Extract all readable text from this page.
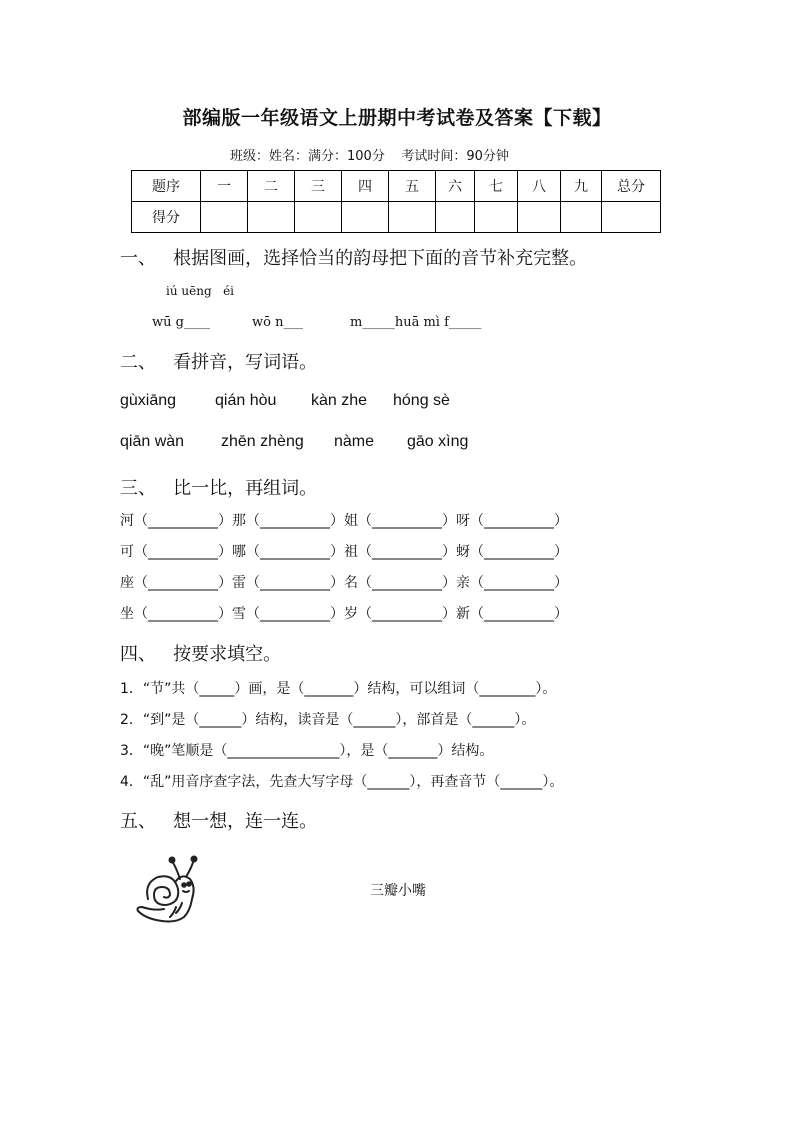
部编版一年级语文上册期中考试卷及答案【下载】
班级：姓名：满分：100分    考试时间：90分钟
题序	一	二	三	四	五	六	七	八	九	总分
得分										
一、   根据图画，选择恰当的韵母把下面的音节补充完整。
iú uēng   éi
wū g____	wō n___	m_____huā mì f_____
二、   看拼音，写词语。
gùxiāng qián hòu kàn zhe hóng sè
qiān wàn zhēn zhèng nàme gāo xìng
三、   比一比，再组词。
河（__________）那（__________）姐（__________）呀（__________）
可（__________）哪（__________）祖（__________）蚜（__________）
座（__________）雷（__________）名（__________）亲（__________）
坐（__________）雪（__________）岁（__________）新（__________）
四、   按要求填空。
1．“节”共（_____）画，是（_______）结构，可以组词（________）。
2．“到”是（______）结构，读音是（______），部首是（______）。
3．“晚”笔顺是（________________），是（_______）结构。
4．“乱”用音序查字法，先查大写字母（______），再查音节（______）。
五、   想一想，连一连。
三瓣小嘴
